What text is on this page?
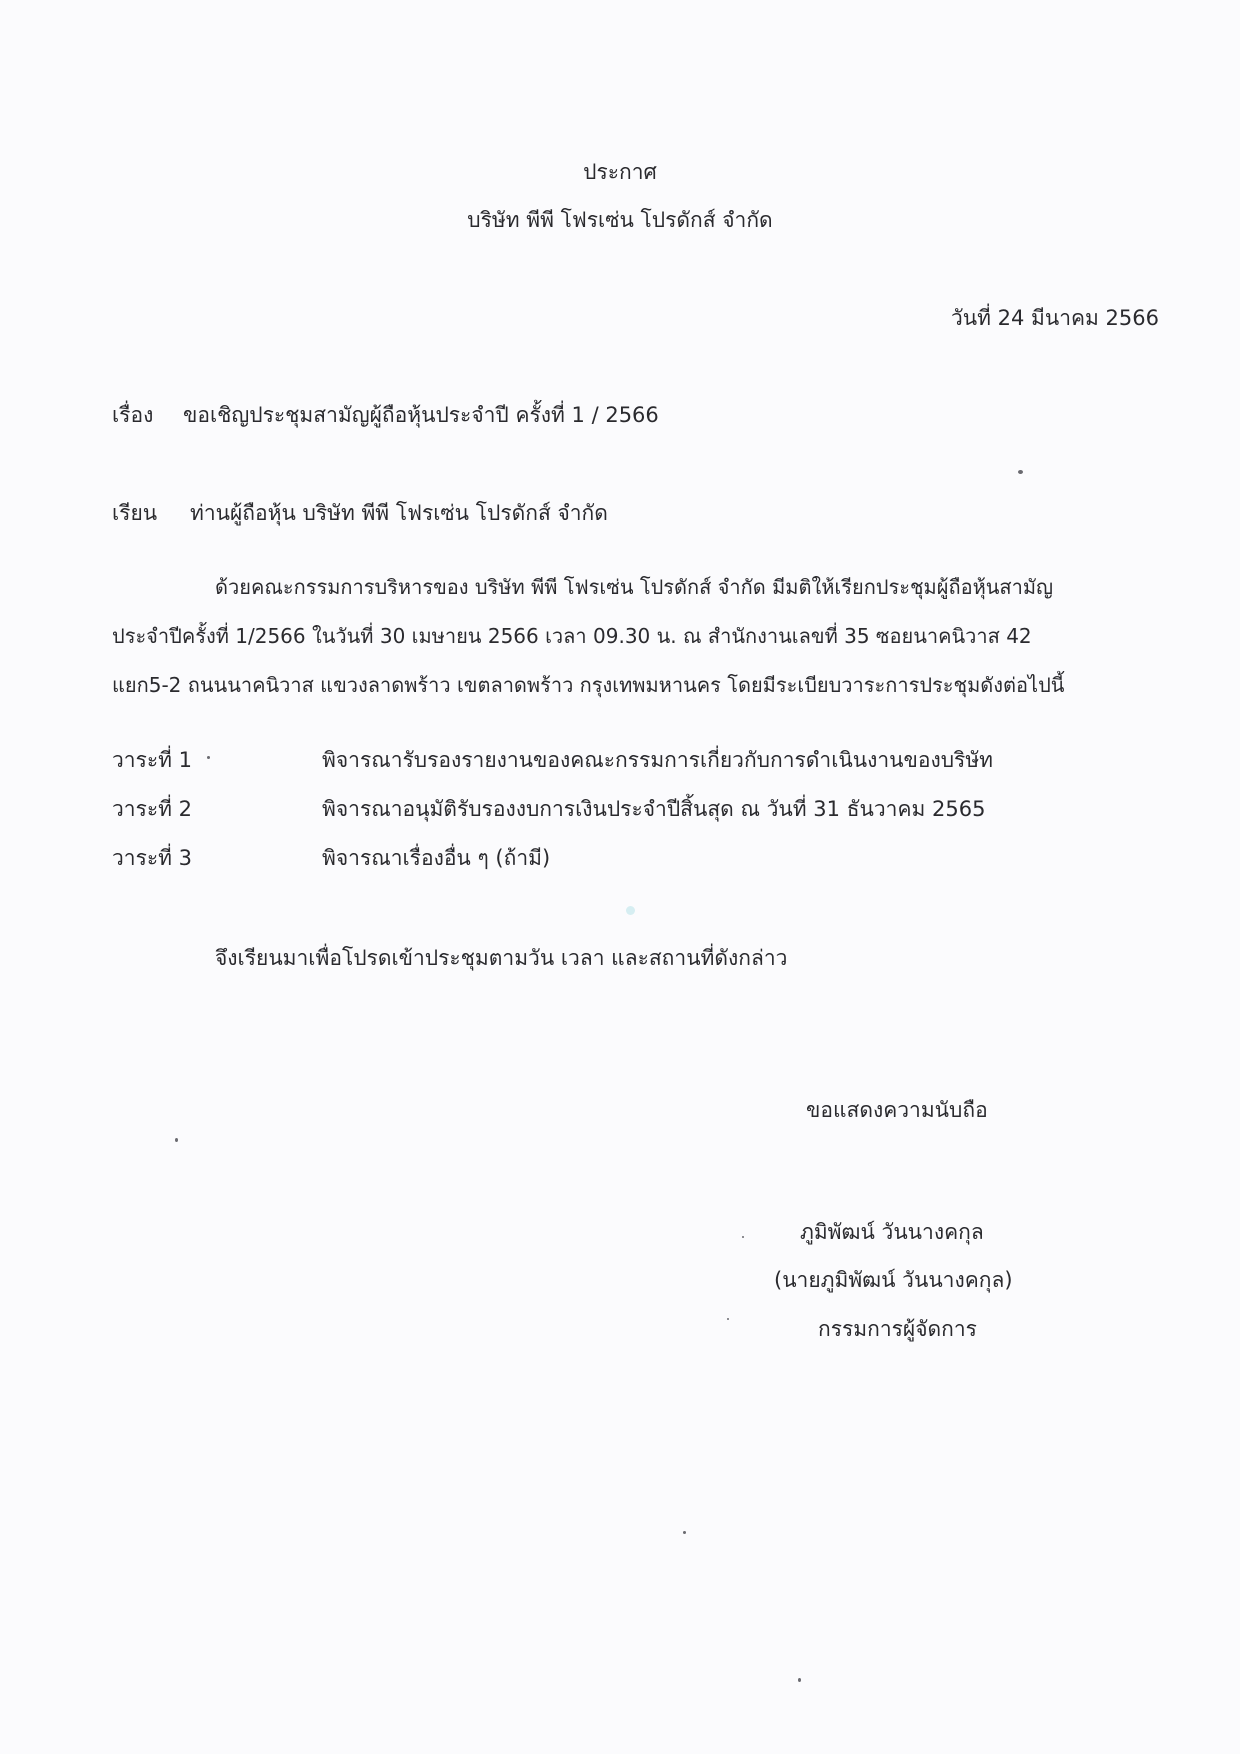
ประกาศ
บริษัท พีพี โฟรเซ่น โปรดักส์ จำกัด
วันที่ 24 มีนาคม 2566
เรื่อง ขอเชิญประชุมสามัญผู้ถือหุ้นประจำปี ครั้งที่ 1 / 2566
เรียน ท่านผู้ถือหุ้น บริษัท พีพี โฟรเซ่น โปรดักส์ จำกัด
ด้วยคณะกรรมการบริหารของ บริษัท พีพี โฟรเซ่น โปรดักส์ จำกัด มีมติให้เรียกประชุมผู้ถือหุ้นสามัญ
ประจำปีครั้งที่ 1/2566 ในวันที่ 30 เมษายน 2566 เวลา 09.30 น. ณ สำนักงานเลขที่ 35 ซอยนาคนิวาส 42
แยก5-2 ถนนนาคนิวาส แขวงลาดพร้าว เขตลาดพร้าว กรุงเทพมหานคร โดยมีระเบียบวาระการประชุมดังต่อไปนี้
วาระที่ 1	พิจารณารับรองรายงานของคณะกรรมการเกี่ยวกับการดำเนินงานของบริษัท
วาระที่ 2	พิจารณาอนุมัติรับรองงบการเงินประจำปีสิ้นสุด ณ วันที่ 31 ธันวาคม 2565
วาระที่ 3	พิจารณาเรื่องอื่น ๆ (ถ้ามี)
จึงเรียนมาเพื่อโปรดเข้าประชุมตามวัน เวลา และสถานที่ดังกล่าว
ขอแสดงความนับถือ
ภูมิพัฒน์ วันนางคกุล
(นายภูมิพัฒน์ วันนางคกุล)
กรรมการผู้จัดการ
